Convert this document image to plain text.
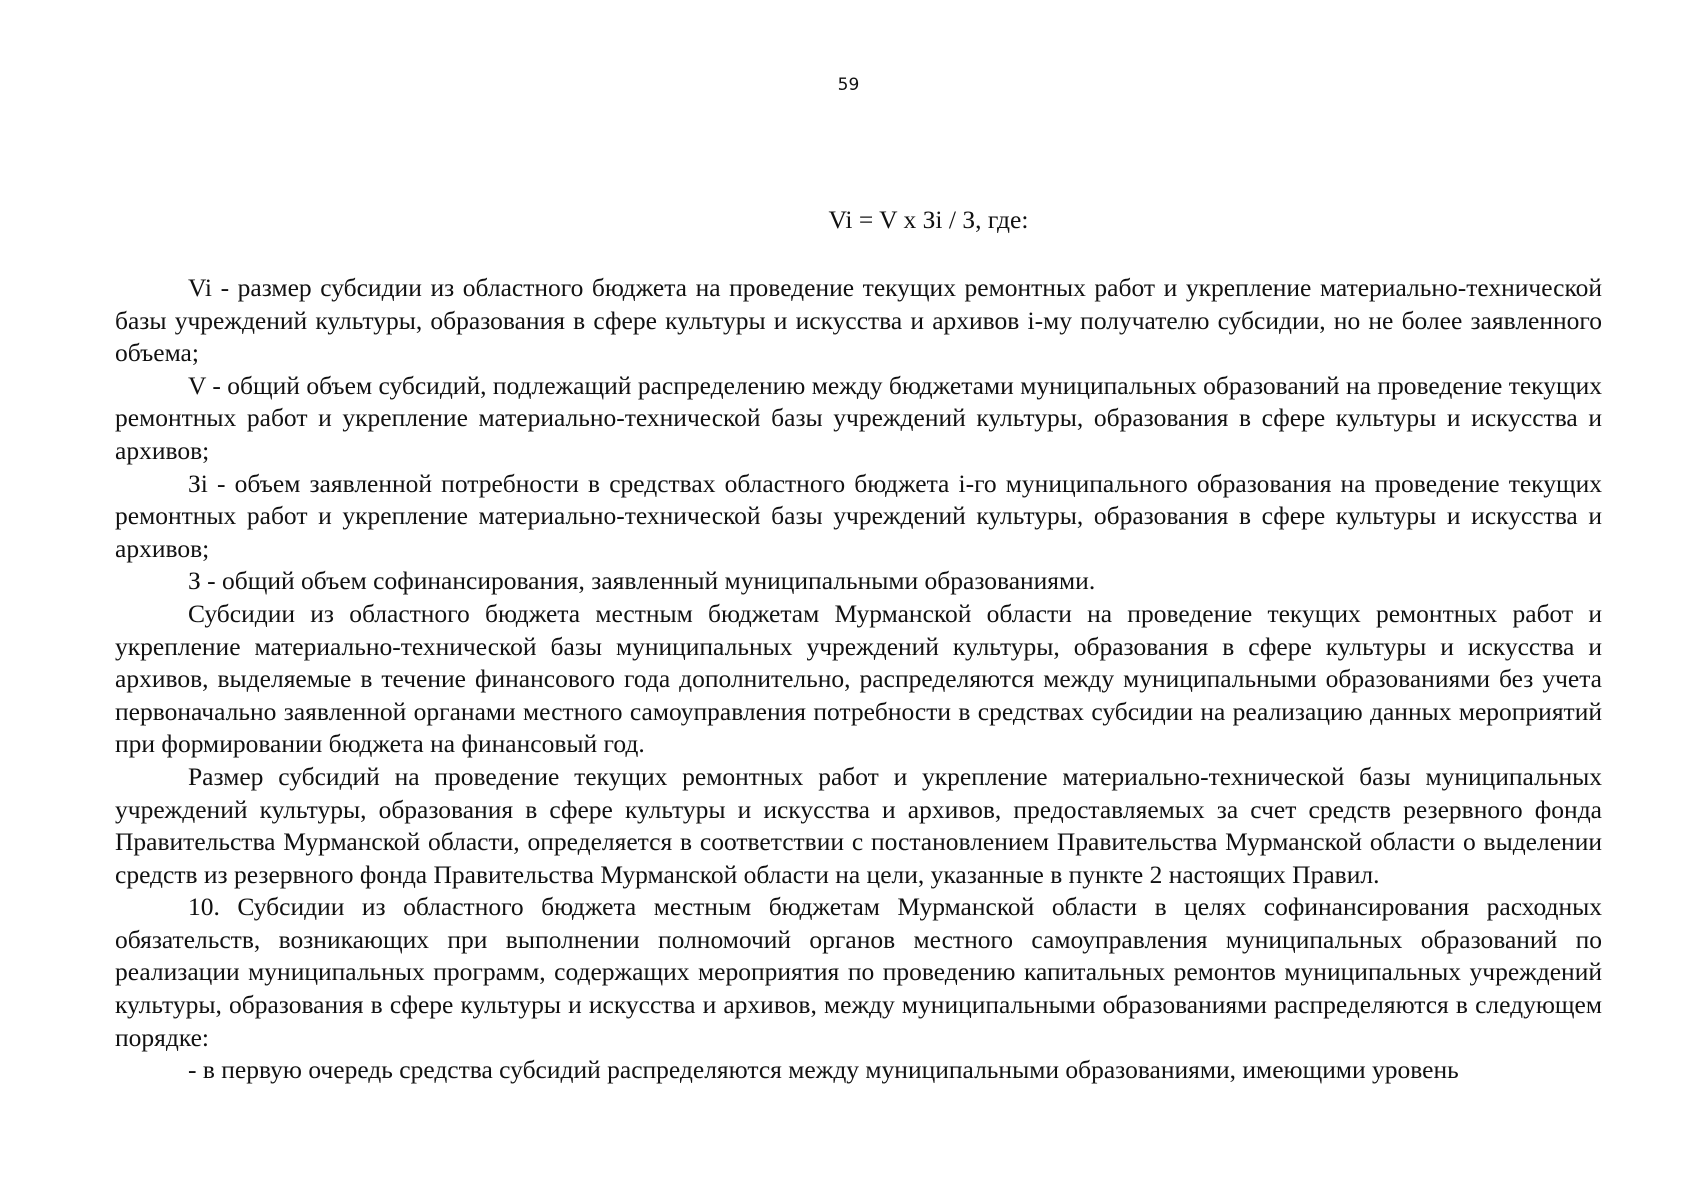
59
Vi = V x Зi / З, где:

Vi - размер субсидии из областного бюджета на проведение текущих ремонтных работ и укрепление материально-технической базы учреждений культуры, образования в сфере культуры и искусства и архивов i-му получателю субсидии, но не более заявленного объема;

V - общий объем субсидий, подлежащий распределению между бюджетами муниципальных образований на проведение текущих ремонтных работ и укрепление материально-технической базы учреждений культуры, образования в сфере культуры и искусства и архивов;

Зi - объем заявленной потребности в средствах областного бюджета i-го муниципального образования на проведение текущих ремонтных работ и укрепление материально-технической базы учреждений культуры, образования в сфере культуры и искусства и архивов;

З - общий объем софинансирования, заявленный муниципальными образованиями.

Субсидии из областного бюджета местным бюджетам Мурманской области на проведение текущих ремонтных работ и укрепление материально-технической базы муниципальных учреждений культуры, образования в сфере культуры и искусства и архивов, выделяемые в течение финансового года дополнительно, распределяются между муниципальными образованиями без учета первоначально заявленной органами местного самоуправления потребности в средствах субсидии на реализацию данных мероприятий при формировании бюджета на финансовый год.

Размер субсидий на проведение текущих ремонтных работ и укрепление материально-технической базы муниципальных учреждений культуры, образования в сфере культуры и искусства и архивов, предоставляемых за счет средств резервного фонда Правительства Мурманской области, определяется в соответствии с постановлением Правительства Мурманской области о выделении средств из резервного фонда Правительства Мурманской области на цели, указанные в пункте 2 настоящих Правил.

10. Субсидии из областного бюджета местным бюджетам Мурманской области в целях софинансирования расходных обязательств, возникающих при выполнении полномочий органов местного самоуправления муниципальных образований по реализации муниципальных программ, содержащих мероприятия по проведению капитальных ремонтов муниципальных учреждений культуры, образования в сфере культуры и искусства и архивов, между муниципальными образованиями распределяются в следующем порядке:

- в первую очередь средства субсидий распределяются между муниципальными образованиями, имеющими уровень
